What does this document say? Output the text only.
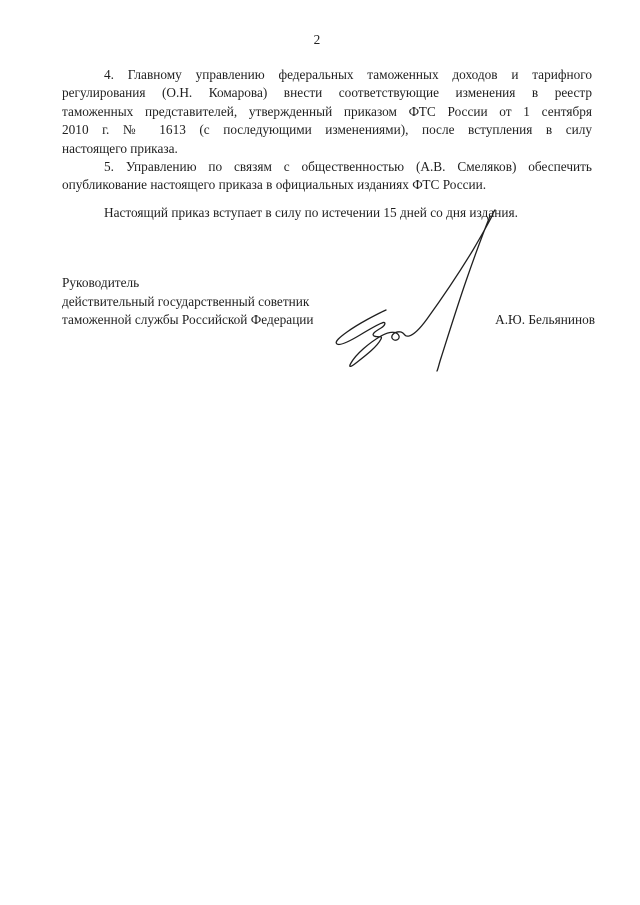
2

4. Главному управлению федеральных таможенных доходов и тарифного
регулирования (О.Н. Комарова) внести соответствующие изменения в реестр
таможенных представителей, утвержденный приказом ФТС России от 1 сентября
2010 г. № 1613 (с последующими изменениями), после вступления в силу
настоящего приказа.

5. Управлению по связям с общественностью (А.В. Смеляков) обеспечить
опубликование настоящего приказа в официальных изданиях ФТС России.

Настоящий приказ вступает в силу по истечении 15 дней со дня издания.

Руководитель
действительный государственный советник
таможенной службы Российской Федерации	А.Ю. Бельянинов
